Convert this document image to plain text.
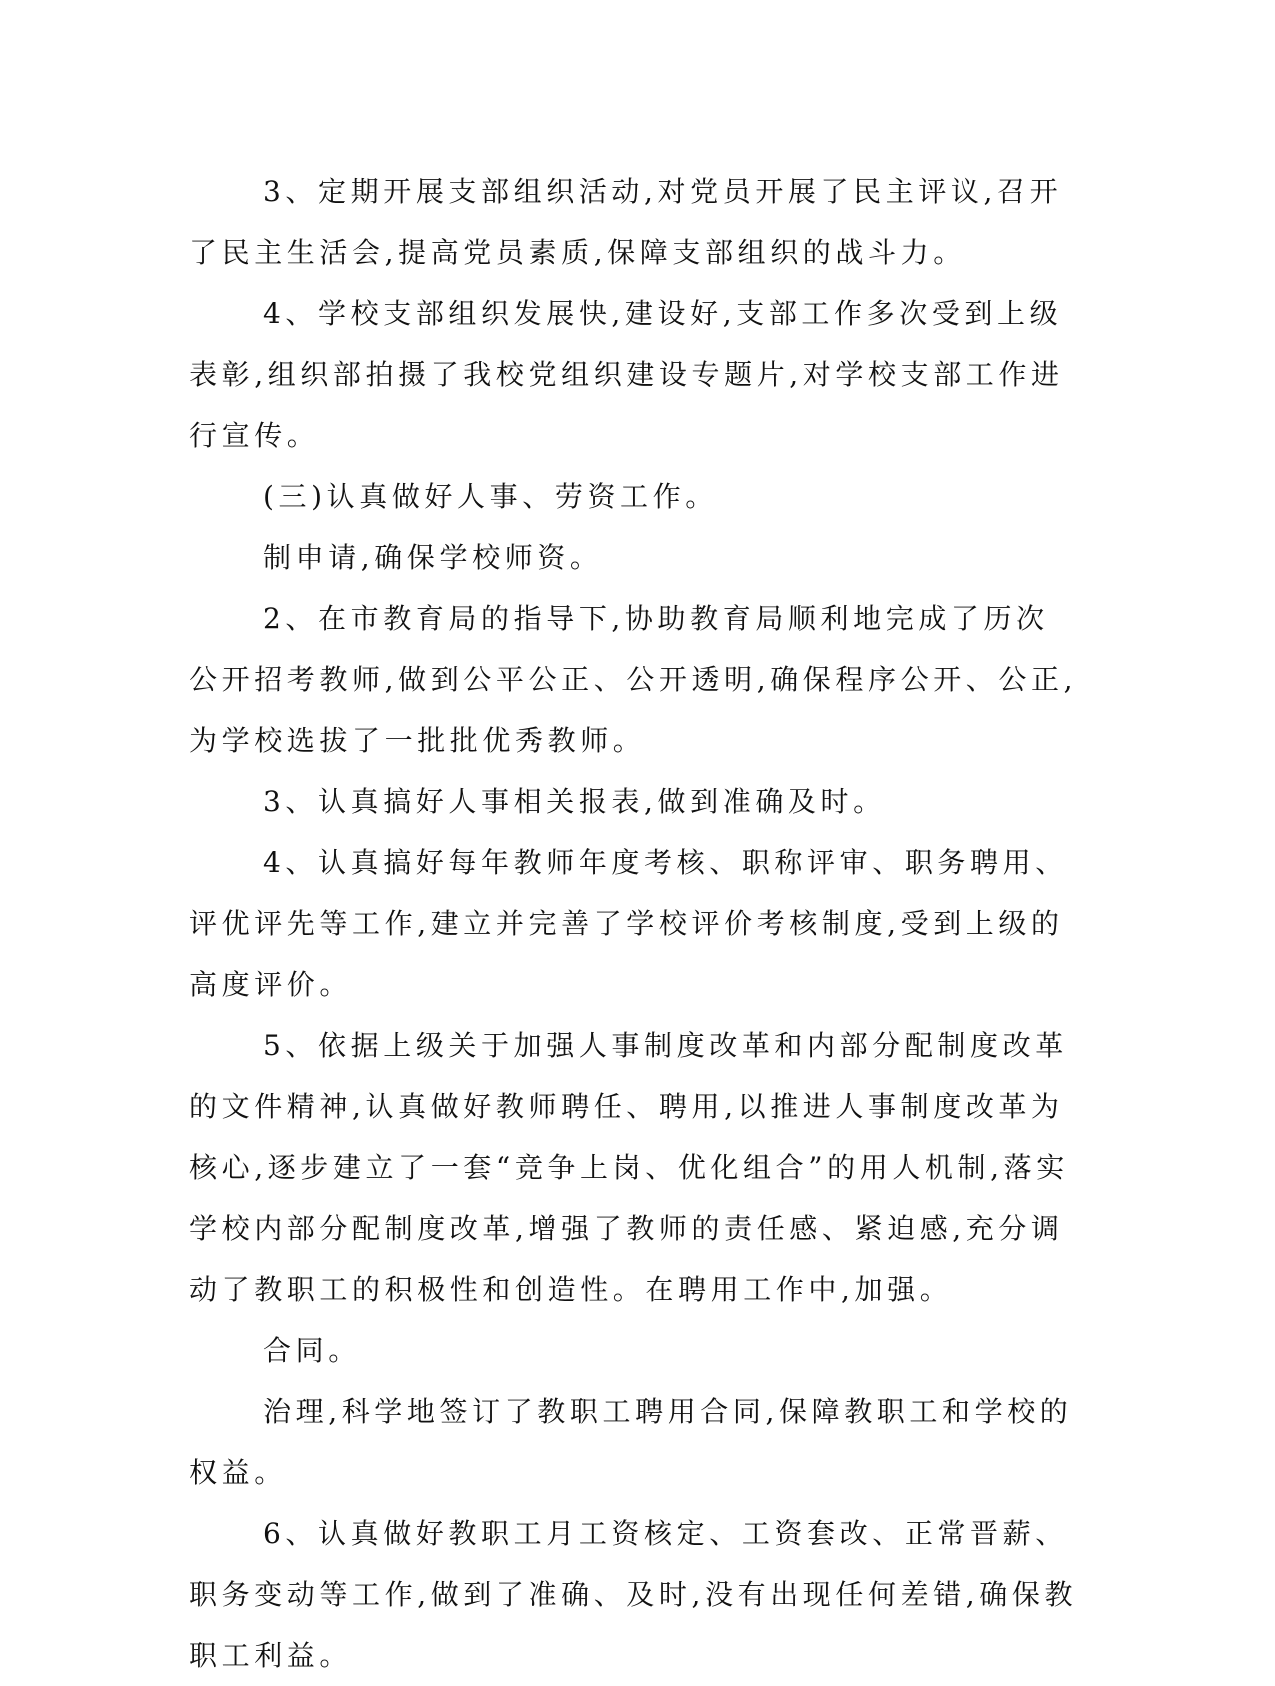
3、定期开展支部组织活动,对党员开展了民主评议,召开了民主生活会,提高党员素质,保障支部组织的战斗力。

4、学校支部组织发展快,建设好,支部工作多次受到上级表彰,组织部拍摄了我校党组织建设专题片,对学校支部工作进行宣传。

(三)认真做好人事、劳资工作。

制申请,确保学校师资。

2、在市教育局的指导下,协助教育局顺利地完成了历次公开招考教师,做到公平公正、公开透明,确保程序公开、公正,为学校选拔了一批批优秀教师。

3、认真搞好人事相关报表,做到准确及时。

4、认真搞好每年教师年度考核、职称评审、职务聘用、评优评先等工作,建立并完善了学校评价考核制度,受到上级的高度评价。

5、依据上级关于加强人事制度改革和内部分配制度改革的文件精神,认真做好教师聘任、聘用,以推进人事制度改革为核心,逐步建立了一套“竞争上岗、优化组合”的用人机制,落实学校内部分配制度改革,增强了教师的责任感、紧迫感,充分调动了教职工的积极性和创造性。在聘用工作中,加强。

合同。

治理,科学地签订了教职工聘用合同,保障教职工和学校的权益。

6、认真做好教职工月工资核定、工资套改、正常晋薪、职务变动等工作,做到了准确、及时,没有出现任何差错,确保教职工利益。
